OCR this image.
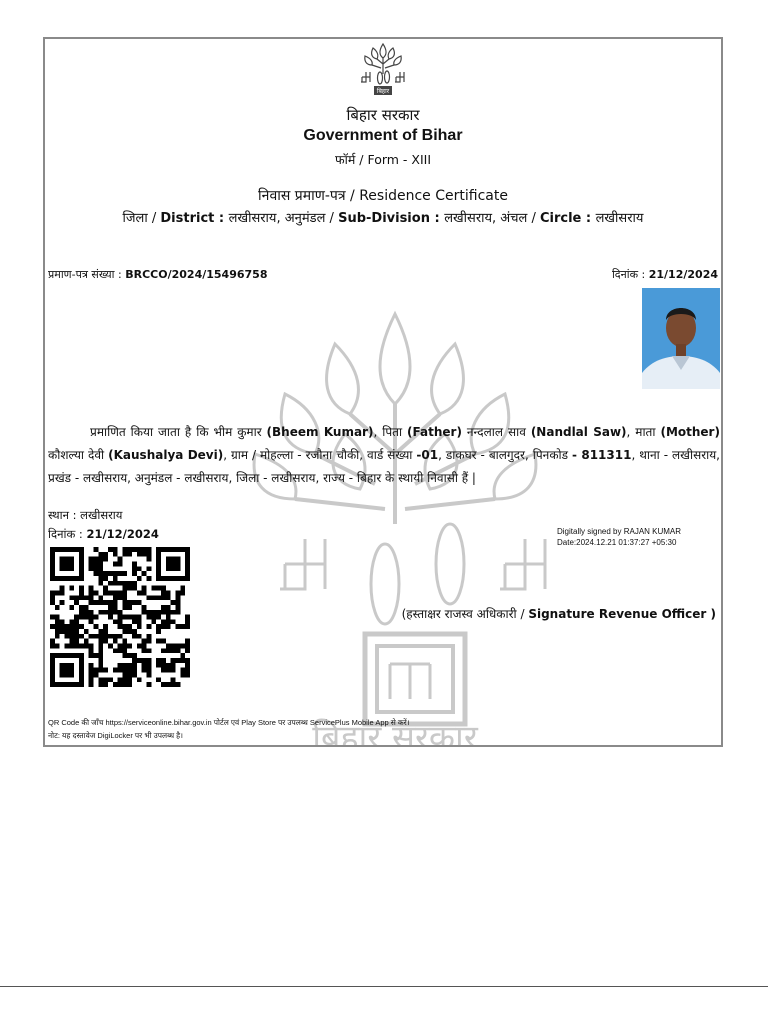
बिहार सरकार
बिहार
बिहार सरकार
Government of Bihar
फॉर्म / Form - XIII
निवास प्रमाण-पत्र / Residence Certificate
जिला / District : लखीसराय, अनुमंडल / Sub-Division : लखीसराय, अंचल / Circle : लखीसराय
प्रमाण-पत्र संख्या : BRCCO/2024/15496758	दिनांक : 21/12/2024
प्रमाणित किया जाता है कि भीम कुमार (Bheem Kumar), पिता (Father) नन्दलाल साव (Nandlal Saw), माता (Mother) कौशल्या देवी (Kaushalya Devi), ग्राम / मोहल्ला - रजौना चौकी, वार्ड संख्या -01, डाकघर - बालगुदर, पिनकोड - 811311, थाना - लखीसराय, प्रखंड - लखीसराय, अनुमंडल - लखीसराय, जिला - लखीसराय, राज्य - बिहार के स्थायी निवासी हैं |
स्थान : लखीसराय
दिनांक : 21/12/2024	Digitally signed by RAJAN KUMAR
Date:2024.12.21 01:37:27 +05:30
(हस्ताक्षर राजस्व अधिकारी / Signature Revenue Officer )
QR Code की जाँच https://serviceonline.bihar.gov.in पोर्टल एवं Play Store पर उपलब्ध ServicePlus Mobile App से करें।
नोट: यह दस्तावेज DigiLocker पर भी उपलब्ध है।
